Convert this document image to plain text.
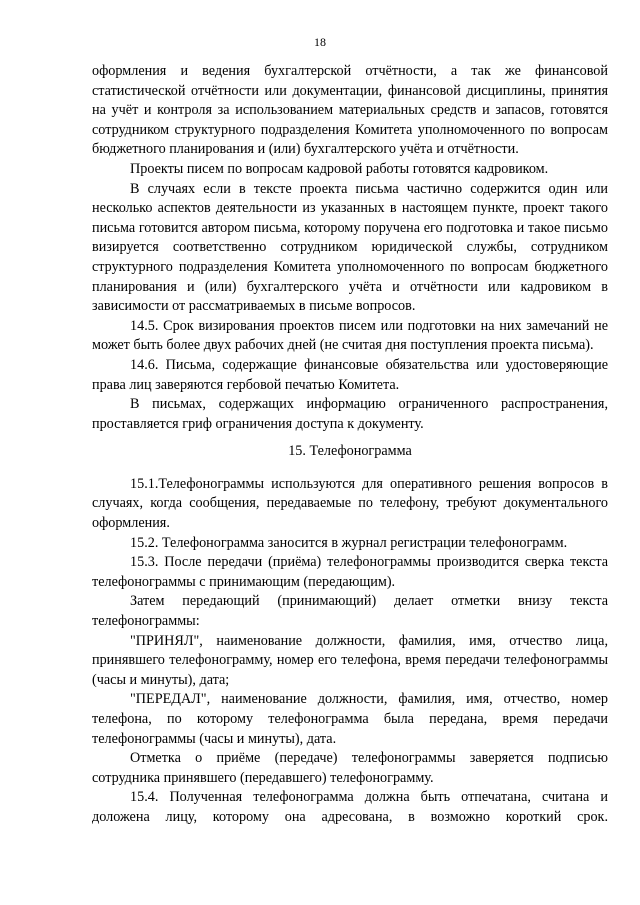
18

оформления и ведения бухгалтерской отчётности, а так же финансовой статистической отчётности или документации, финансовой дисциплины, принятия на учёт и контроля за использованием материальных средств и запасов, готовятся сотрудником структурного подразделения Комитета уполномоченного по вопросам бюджетного планирования и (или) бухгалтерского учёта и отчётности.

Проекты писем по вопросам кадровой работы готовятся кадровиком.

В случаях если в тексте проекта письма частично содержится один или несколько аспектов деятельности из указанных в настоящем пункте, проект такого письма готовится автором письма, которому поручена его подготовка и такое письмо визируется соответственно сотрудником юридической службы, сотрудником структурного подразделения Комитета уполномоченного по вопросам бюджетного планирования и (или) бухгалтерского учёта и отчётности или кадровиком в зависимости от рассматриваемых в письме вопросов.

14.5. Срок визирования проектов писем или подготовки на них замечаний не может быть более двух рабочих дней (не считая дня поступления проекта письма).

14.6. Письма, содержащие финансовые обязательства или удостоверяющие права лиц заверяются гербовой печатью Комитета.

В письмах, содержащих информацию ограниченного распространения, проставляется гриф ограничения доступа к документу.

15. Телефонограмма

15.1.Телефонограммы используются для оперативного решения вопросов в случаях, когда сообщения, передаваемые по телефону, требуют документального оформления.

15.2. Телефонограмма заносится в журнал регистрации телефонограмм.

15.3. После передачи (приёма) телефонограммы производится сверка текста телефонограммы с принимающим (передающим).

Затем передающий (принимающий) делает отметки внизу текста телефонограммы:

"ПРИНЯЛ", наименование должности, фамилия, имя, отчество лица, принявшего телефонограмму, номер его телефона, время передачи телефонограммы (часы и минуты), дата;

"ПЕРЕДАЛ", наименование должности, фамилия, имя, отчество, номер телефона, по которому телефонограмма была передана, время передачи телефонограммы (часы и минуты), дата.

Отметка о приёме (передаче) телефонограммы заверяется подписью сотрудника принявшего (передавшего) телефонограмму.

15.4. Полученная телефонограмма должна быть отпечатана, считана и доложена лицу, которому она адресована, в возможно короткий срок.
